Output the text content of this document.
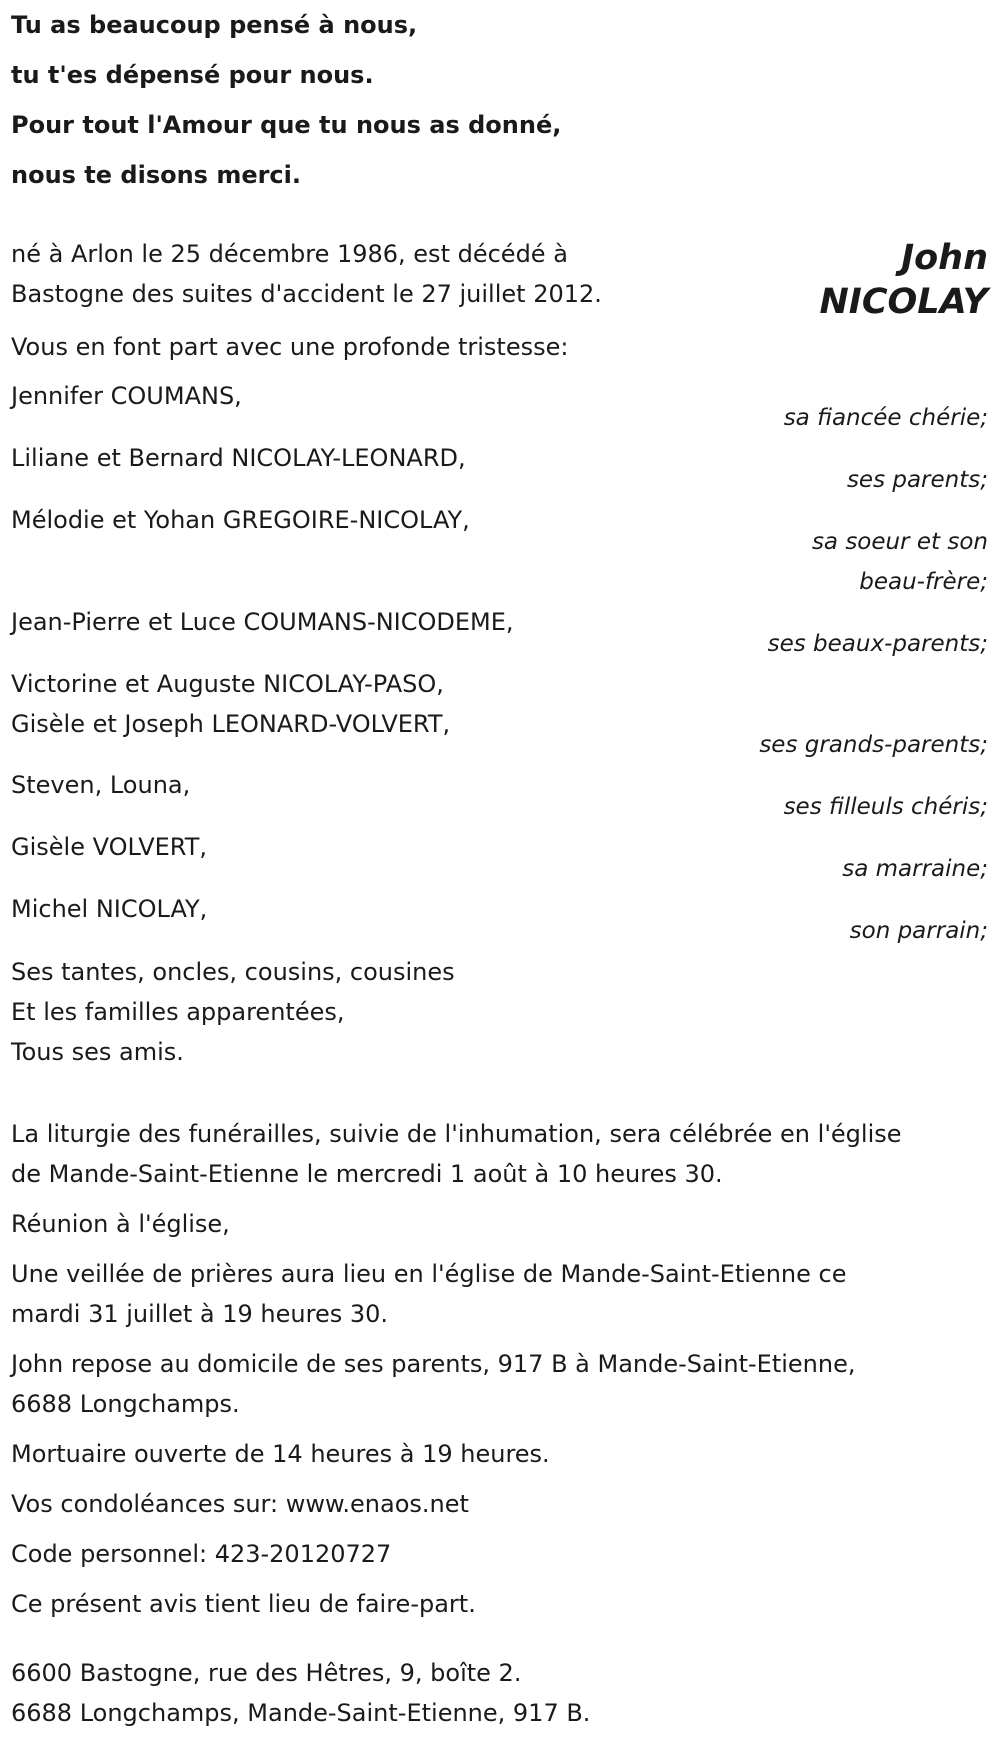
Tu as beaucoup pensé à nous,
tu t'es dépensé pour nous.
Pour tout l'Amour que tu nous as donné,
nous te disons merci.
né à Arlon le 25 décembre 1986, est décédé à
Bastogne des suites d'accident le 27 juillet 2012.
John
NICOLAY
Vous en font part avec une profonde tristesse:
Jennifer COUMANS,
sa fiancée chérie;
Liliane et Bernard NICOLAY-LEONARD,
ses parents;
Mélodie et Yohan GREGOIRE-NICOLAY,
sa soeur et son
beau-frère;
Jean-Pierre et Luce COUMANS-NICODEME,
ses beaux-parents;
Victorine et Auguste NICOLAY-PASO,
Gisèle et Joseph LEONARD-VOLVERT,
ses grands-parents;
Steven, Louna,
ses filleuls chéris;
Gisèle VOLVERT,
sa marraine;
Michel NICOLAY,
son parrain;
Ses tantes, oncles, cousins, cousines
Et les familles apparentées,
Tous ses amis.
La liturgie des funérailles, suivie de l'inhumation, sera célébrée en l'église
de Mande-Saint-Etienne le mercredi 1 août à 10 heures 30.
Réunion à l'église,
Une veillée de prières aura lieu en l'église de Mande-Saint-Etienne ce
mardi 31 juillet à 19 heures 30.
John repose au domicile de ses parents, 917 B à Mande-Saint-Etienne,
6688 Longchamps.
Mortuaire ouverte de 14 heures à 19 heures.
Vos condoléances sur: www.enaos.net
Code personnel: 423-20120727
Ce présent avis tient lieu de faire-part.
6600 Bastogne, rue des Hêtres, 9, boîte 2.
6688 Longchamps, Mande-Saint-Etienne, 917 B.
